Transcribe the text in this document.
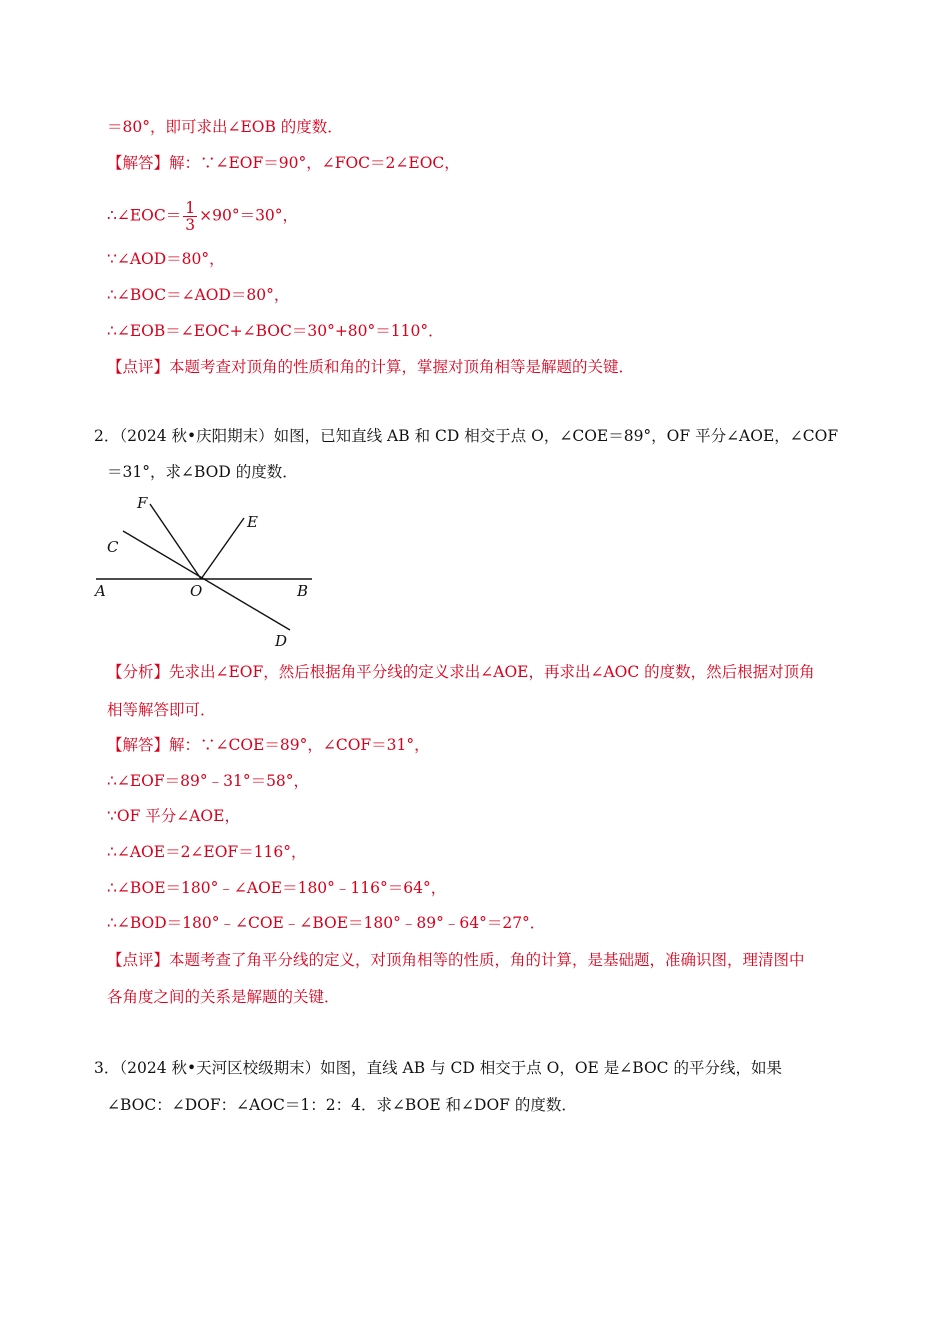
＝80°，即可求出∠EOB 的度数．
【解答】解：∵∠EOF＝90°，∠FOC＝2∠EOC，
∴∠EOC＝ $\frac{1}{3} \times 90^\circ=30^\circ$，
∵∠AOD＝80°，
∴∠BOC＝∠AOD＝80°，
∴∠EOB＝∠EOC+∠BOC＝30°+80°＝110°．
【点评】本题考查对顶角的性质和角的计算，掌握对顶角相等是解题的关键．
2．（2024 秋•庆阳期末）如图，已知直线 AB 和 CD 相交于点 O，∠COE＝89°，OF 平分∠AOE，∠COF
＝31°，求∠BOD 的度数．
F
E
C
A	O	B
D
【分析】先求出∠EOF，然后根据角平分线的定义求出∠AOE，再求出∠AOC 的度数，然后根据对顶角
相等解答即可．
【解答】解：∵∠COE＝89°，∠COF＝31°，
∴∠EOF＝89°﹣31°＝58°，
∵OF 平分∠AOE，
∴∠AOE＝2∠EOF＝116°，
∴∠BOE＝180°﹣∠AOE＝180°﹣116°＝64°，
∴∠BOD＝180°﹣∠COE﹣∠BOE＝180°﹣89°﹣64°＝27°．
【点评】本题考查了角平分线的定义，对顶角相等的性质，角的计算，是基础题，准确识图，理清图中
各角度之间的关系是解题的关键．
3．（2024 秋•天河区校级期末）如图，直线 AB 与 CD 相交于点 O，OE 是∠BOC 的平分线，如果
∠BOC：∠DOF：∠AOC＝1：2：4．求∠BOE 和∠DOF 的度数．
